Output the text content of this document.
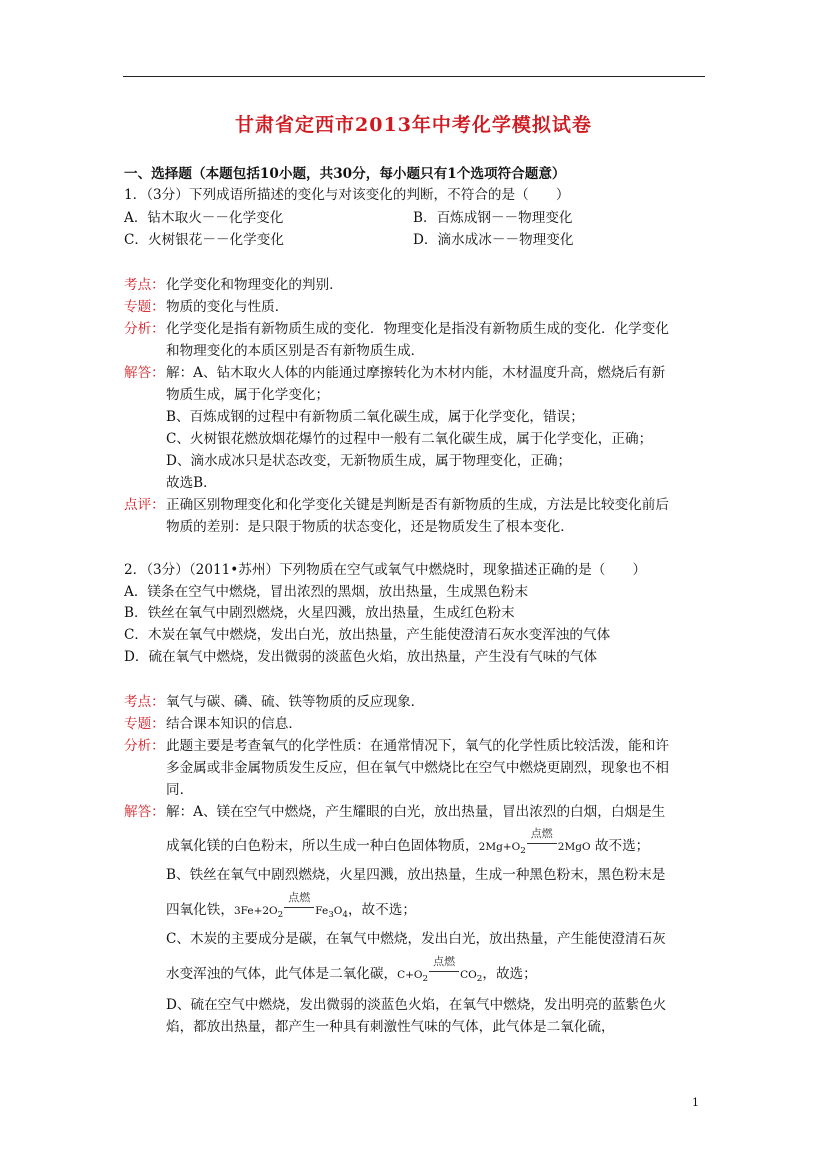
甘肃省定西市2013年中考化学模拟试卷
一、选择题（本题包括10小题，共30分，每小题只有1个选项符合题意）
1．（3分）下列成语所描述的变化与对该变化的判断，不符合的是（　　）
A．钻木取火－－化学变化	B．百炼成钢－－物理变化
C．火树银花－－化学变化	D．滴水成冰－－物理变化
考点： 化学变化和物理变化的判别．
专题： 物质的变化与性质．
分析： 化学变化是指有新物质生成的变化．物理变化是指没有新物质生成的变化．化学变化
和物理变化的本质区别是否有新物质生成．
解答： 解：A、钻木取火人体的内能通过摩擦转化为木材内能，木材温度升高，燃烧后有新
物质生成，属于化学变化；
B、百炼成钢的过程中有新物质二氧化碳生成，属于化学变化，错误；
C、火树银花燃放烟花爆竹的过程中一般有二氧化碳生成，属于化学变化，正确；
D、滴水成冰只是状态改变，无新物质生成，属于物理变化，正确；
故选B．
点评： 正确区别物理变化和化学变化关键是判断是否有新物质的生成，方法是比较变化前后
物质的差别：是只限于物质的状态变化，还是物质发生了根本变化．
2．（3分）（2011•苏州）下列物质在空气或氧气中燃烧时，现象描述正确的是（　　）
A．镁条在空气中燃烧，冒出浓烈的黑烟，放出热量，生成黑色粉末
B．铁丝在氧气中剧烈燃烧，火星四溅，放出热量，生成红色粉末
C．木炭在氧气中燃烧，发出白光，放出热量，产生能使澄清石灰水变浑浊的气体
D．硫在氧气中燃烧，发出微弱的淡蓝色火焰，放出热量，产生没有气味的气体
考点： 氧气与碳、磷、硫、铁等物质的反应现象．
专题： 结合课本知识的信息．
分析： 此题主要是考查氧气的化学性质：在通常情况下，氧气的化学性质比较活泼，能和许
多金属或非金属物质发生反应，但在氧气中燃烧比在空气中燃烧更剧烈，现象也不相
同．
解答： 解：A、镁在空气中燃烧，产生耀眼的白光，放出热量，冒出浓烈的白烟，白烟是生
成氧化镁的白色粉末，所以生成一种白色固体物质，$2Mg+O_2$
点燃
2MgO 故不选；
B、铁丝在氧气中剧烈燃烧，火星四溅，放出热量，生成一种黑色粉末，黑色粉末是
四氧化铁，$3Fe+2O_2$
点燃
$Fe_3O_4$，故不选；
C、木炭的主要成分是碳，在氧气中燃烧，发出白光，放出热量，产生能使澄清石灰
水变浑浊的气体，此气体是二氧化碳，$C+O_2$
点燃
$CO_2$，故选；
D、硫在空气中燃烧，发出微弱的淡蓝色火焰，在氧气中燃烧，发出明亮的蓝紫色火
焰，都放出热量，都产生一种具有刺激性气味的气体，此气体是二氧化硫，
1
